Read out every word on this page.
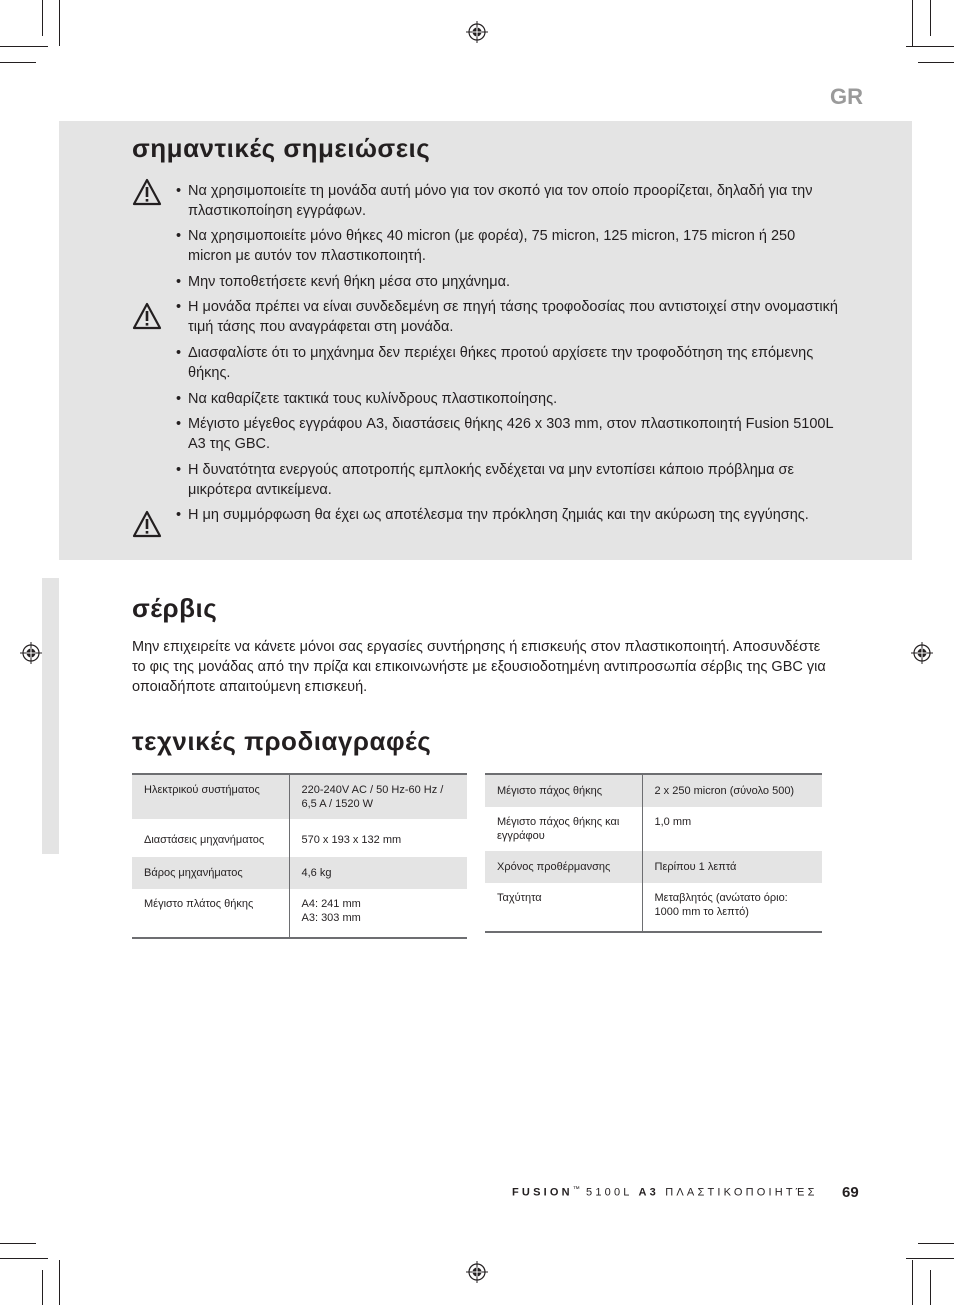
GR
σημαντικές σημειώσεις
• Να χρησιμοποιείτε τη μονάδα αυτή μόνο για τον σκοπό για τον οποίο προορίζεται, δηλαδή για την πλαστικοποίηση εγγράφων.
• Να χρησιμοποιείτε μόνο θήκες 40 micron (με φορέα), 75 micron, 125 micron, 175 micron ή 250 micron με αυτόν τον πλαστικοποιητή.
• Μην τοποθετήσετε κενή θήκη μέσα στο μηχάνημα.
• Η μονάδα πρέπει να είναι συνδεδεμένη σε πηγή τάσης τροφοδοσίας που αντιστοιχεί στην ονομαστική τιμή τάσης που αναγράφεται στη μονάδα.
• Διασφαλίστε ότι το μηχάνημα δεν περιέχει θήκες προτού αρχίσετε την τροφοδότηση της επόμενης θήκης.
• Να καθαρίζετε τακτικά τους κυλίνδρους πλαστικοποίησης.
• Μέγιστο μέγεθος εγγράφου A3, διαστάσεις θήκης 426 x 303 mm, στον πλαστικοποιητή Fusion 5100L A3 της GBC.
• Η δυνατότητα ενεργούς αποτροπής εμπλοκής ενδέχεται να μην εντοπίσει κάποιο πρόβλημα σε μικρότερα αντικείμενα.
• Η μη συμμόρφωση θα έχει ως αποτέλεσμα την πρόκληση ζημιάς και την ακύρωση της εγγύησης.
σέρβις
Μην επιχειρείτε να κάνετε μόνοι σας εργασίες συντήρησης ή επισκευής στον πλαστικοποιητή. Αποσυνδέστε το φις της μονάδας από την πρίζα και επικοινωνήστε με εξουσιοδοτημένη αντιπροσωπία σέρβις της GBC για οποιαδήποτε απαιτούμενη επισκευή.
τεχνικές προδιαγραφές
Ηλεκτρικού συστήματος	220-240V AC / 50 Hz-60 Hz / 6,5 A / 1520 W
Διαστάσεις μηχανήματος	570 x 193 x 132 mm
Βάρος μηχανήματος	4,6 kg
Μέγιστο πλάτος θήκης	A4: 241 mm
A3: 303 mm
Μέγιστο πάχος θήκης	2 x 250 micron (σύνολο 500)
Μέγιστο πάχος θήκης και εγγράφου	1,0 mm
Χρόνος προθέρμανσης	Περίπου 1 λεπτά
Ταχύτητα	Μεταβλητός (ανώτατο όριο: 1000 mm το λεπτό)
FUSION™ 5100L A3 ΠΛΑΣΤΙΚΟΠΟΙΗΤΈΣ 69
